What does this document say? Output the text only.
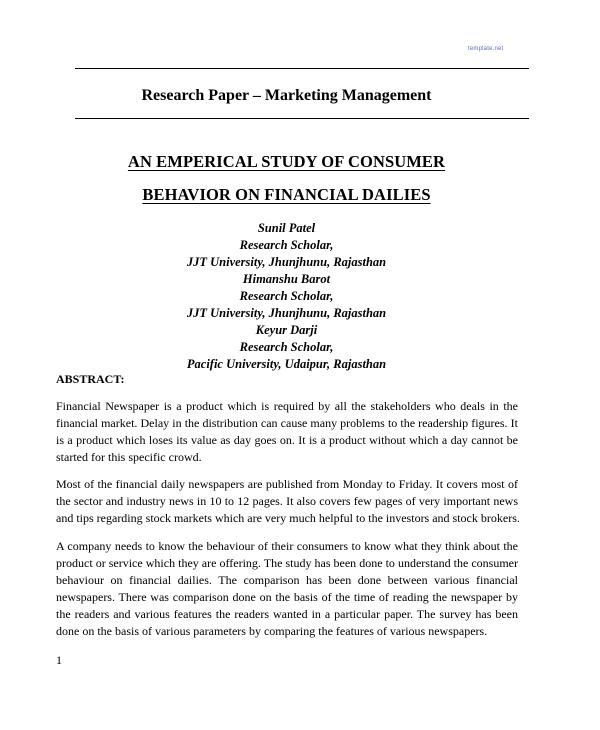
template.net
Research Paper – Marketing Management
AN EMPERICAL STUDY OF CONSUMER
BEHAVIOR ON FINANCIAL DAILIES
Sunil Patel
Research Scholar,
JJT University, Jhunjhunu, Rajasthan
Himanshu Barot
Research Scholar,
JJT University, Jhunjhunu, Rajasthan
Keyur Darji
Research Scholar,
Pacific University, Udaipur, Rajasthan
ABSTRACT:
Financial Newspaper is a product which is required by all the stakeholders who deals in the
financial market. Delay in the distribution can cause many problems to the readership figures. It
is a product which loses its value as day goes on. It is a product without which a day cannot be
started for this specific crowd.
Most of the financial daily newspapers are published from Monday to Friday. It covers most of
the sector and industry news in 10 to 12 pages. It also covers few pages of very important news
and tips regarding stock markets which are very much helpful to the investors and stock brokers.
A company needs to know the behaviour of their consumers to know what they think about the
product or service which they are offering. The study has been done to understand the consumer
behaviour on financial dailies. The comparison has been done between various financial
newspapers. There was comparison done on the basis of the time of reading the newspaper by
the readers and various features the readers wanted in a particular paper. The survey has been
done on the basis of various parameters by comparing the features of various newspapers.
1
